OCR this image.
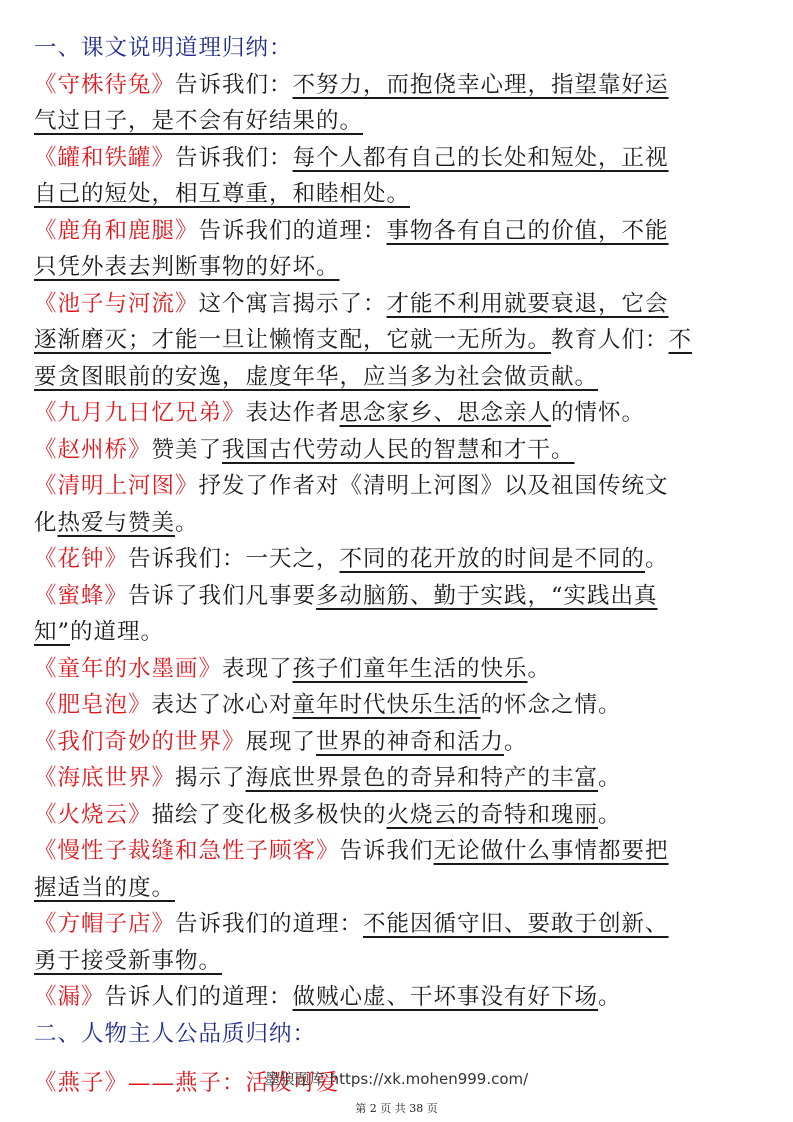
一、课文说明道理归纳：
《守株待兔》告诉我们：不努力，而抱侥幸心理，指望靠好运
气过日子，是不会有好结果的。
《罐和铁罐》告诉我们：每个人都有自己的长处和短处，正视
自己的短处，相互尊重，和睦相处。
《鹿角和鹿腿》告诉我们的道理：事物各有自己的价值，不能
只凭外表去判断事物的好坏。
《池子与河流》这个寓言揭示了：才能不利用就要衰退，它会
逐渐磨灭；才能一旦让懒惰支配，它就一无所为。教育人们：不
要贪图眼前的安逸，虚度年华，应当多为社会做贡献。
《九月九日忆兄弟》表达作者思念家乡、思念亲人的情怀。
《赵州桥》赞美了我国古代劳动人民的智慧和才干。
《清明上河图》抒发了作者对《清明上河图》以及祖国传统文
化热爱与赞美。
《花钟》告诉我们：一天之，不同的花开放的时间是不同的。
《蜜蜂》告诉了我们凡事要多动脑筋、勤于实践，“实践出真
知”的道理。
《童年的水墨画》表现了孩子们童年生活的快乐。
《肥皂泡》表达了冰心对童年时代快乐生活的怀念之情。
《我们奇妙的世界》展现了世界的神奇和活力。
《海底世界》揭示了海底世界景色的奇异和特产的丰富。
《火烧云》描绘了变化极多极快的火烧云的奇特和瑰丽。
《慢性子裁缝和急性子顾客》告诉我们无论做什么事情都要把
握适当的度。
《方帽子店》告诉我们的道理：不能因循守旧、要敢于创新、
勇于接受新事物。
《漏》告诉人们的道理：做贼心虚、干坏事没有好下场。
二、人物主人公品质归纳：
《燕子》——燕子：活泼可爱
墨狼题库 https://xk.mohen999.com/
第 2 页 共 38 页
